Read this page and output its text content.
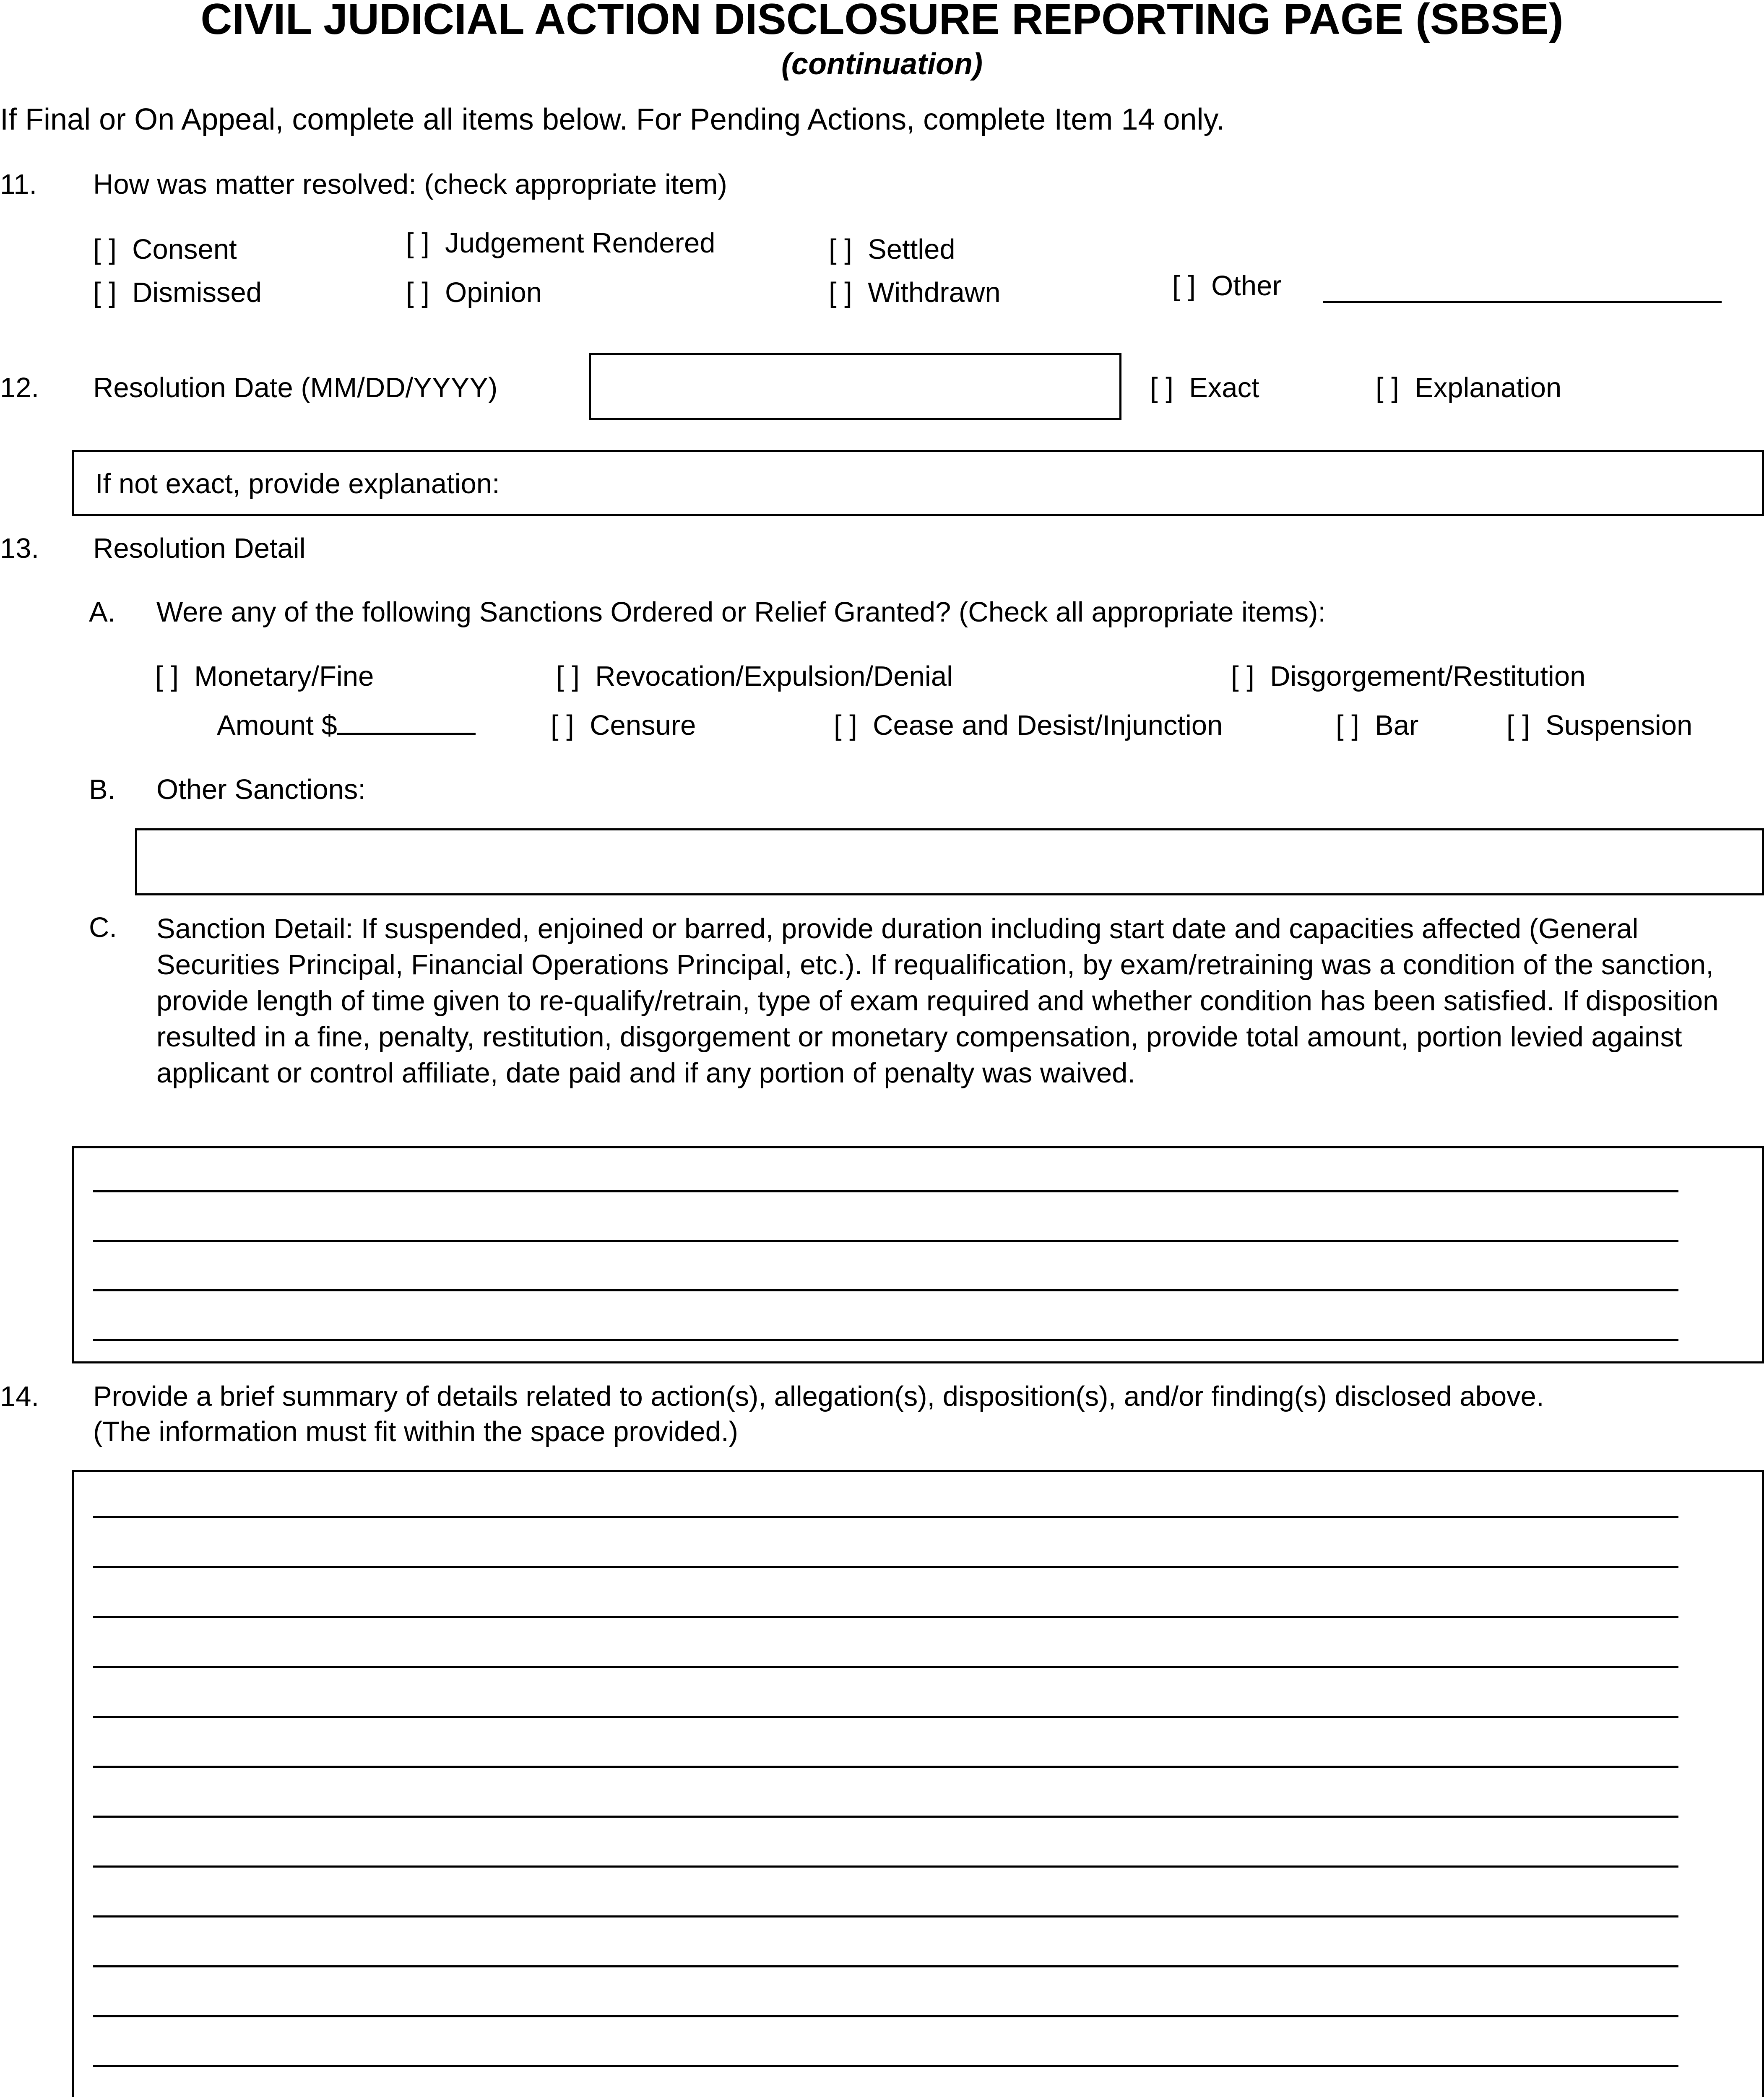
CIVIL JUDICIAL ACTION DISCLOSURE REPORTING PAGE (SBSE)
(continuation)
If Final or On Appeal, complete all items below. For Pending Actions, complete Item 14 only.
11. How was matter resolved: (check appropriate item)
[ ] Consent
[ ] Dismissed
[ ] Judgement Rendered
[ ] Opinion
[ ] Settled
[ ] Withdrawn	[ ] Other
12. Resolution Date (MM/DD/YYYY)	[ ] Exact	[ ] Explanation
If not exact, provide explanation:
13. Resolution Detail
A. Were any of the following Sanctions Ordered or Relief Granted? (Check all appropriate items):
[ ] Monetary/Fine	[ ] Revocation/Expulsion/Denial	[ ] Disgorgement/Restitution
Amount $	[ ] Censure	[ ] Cease and Desist/Injunction	[ ] Bar	[ ] Suspension
B. Other Sanctions:
C. Sanction Detail: If suspended, enjoined or barred, provide duration including start date and capacities affected (General Securities Principal, Financial Operations Principal, etc.). If requalification, by exam/retraining was a condition of the sanction, provide length of time given to re-qualify/retrain, type of exam required and whether condition has been satisfied. If disposition resulted in a fine, penalty, restitution, disgorgement or monetary compensation, provide total amount, portion levied against applicant or control affiliate, date paid and if any portion of penalty was waived.
14. Provide a brief summary of details related to action(s), allegation(s), disposition(s), and/or finding(s) disclosed above.
(The information must fit within the space provided.)
